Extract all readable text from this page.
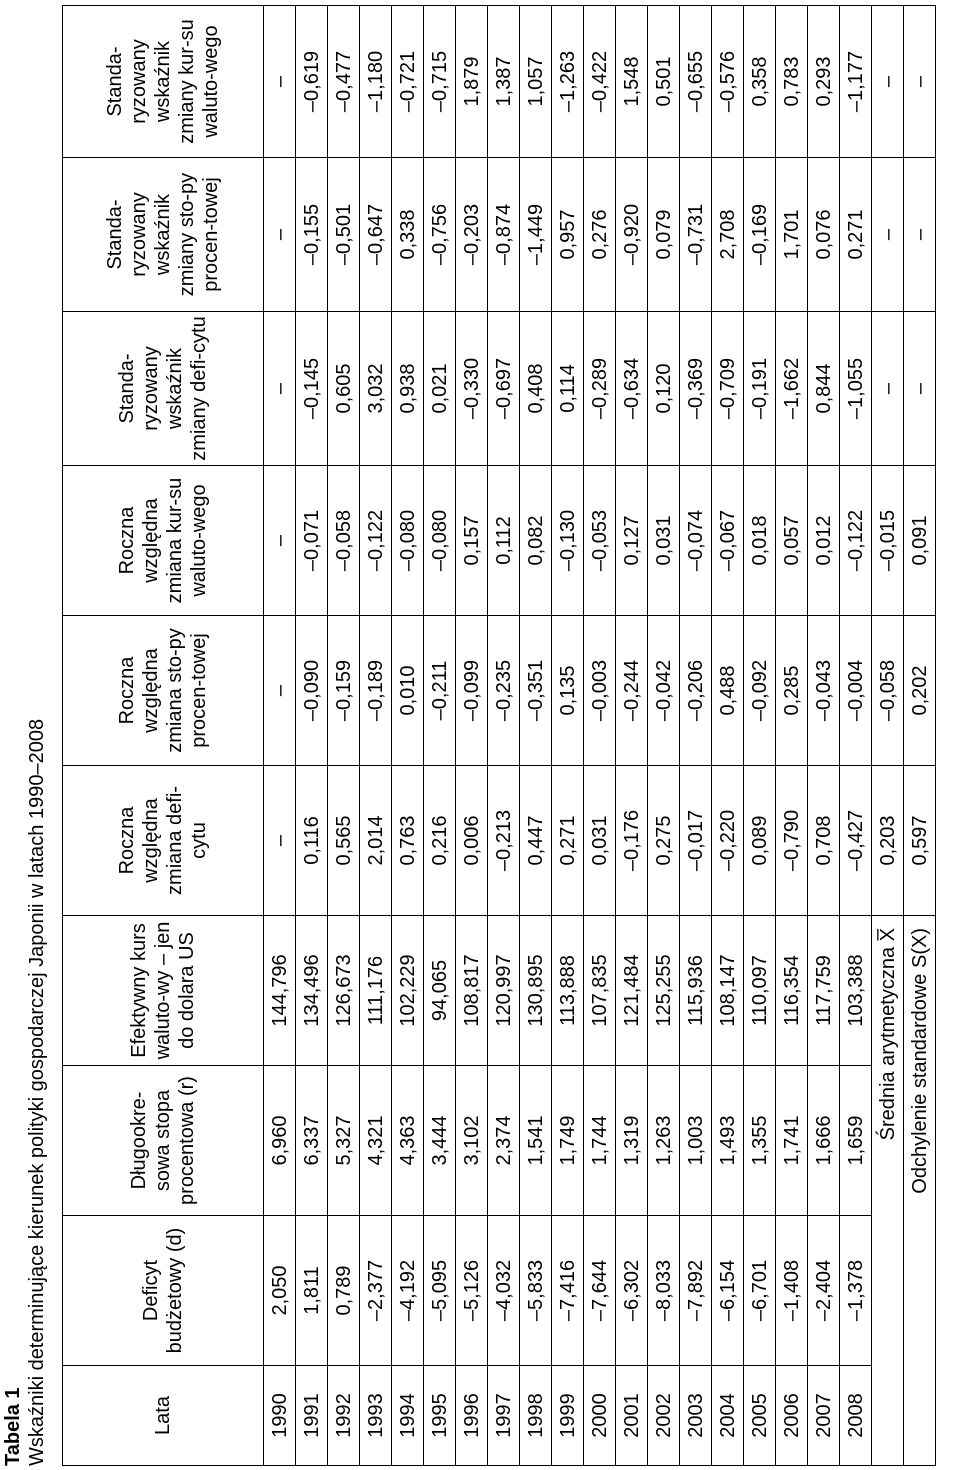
Tabela 1 Wskaźniki determinujące kierunek polityki gospodarczej Japonii w latach 1990–2008	Lata	Deficyt budżetowy (d)	Długookre-sowa stopa procentowa (r)	Efektywny kurs waluto-wy – jen do dolara US	Roczna względna zmiana defi-cytu	Roczna względna zmiana sto-py procen-towej	Roczna względna zmiana kur-su waluto-wego	Standa-ryzowany wskaźnik zmiany defi-cytu	Standa-ryzowany wskaźnik zmiany sto-py procen-towej	Standa-ryzowany wskaźnik zmiany kur-su waluto-wego
1990	2,050	6,960	144,796	–	–	–	–	–	–
1991	1,811	6,337	134,496	0,116	–0,090	–0,071	–0,145	–0,155	–0,619
1992	0,789	5,327	126,673	0,565	–0,159	–0,058	0,605	–0,501	–0,477
1993	–2,377	4,321	111,176	2,014	–0,189	–0,122	3,032	–0,647	–1,180
1994	–4,192	4,363	102,229	0,763	0,010	–0,080	0,938	0,338	–0,721
1995	–5,095	3,444	94,065	0,216	–0,211	–0,080	0,021	–0,756	–0,715
1996	–5,126	3,102	108,817	0,006	–0,099	0,157	–0,330	–0,203	1,879
1997	–4,032	2,374	120,997	–0,213	–0,235	0,112	–0,697	–0,874	1,387
1998	–5,833	1,541	130,895	0,447	–0,351	0,082	0,408	–1,449	1,057
1999	–7,416	1,749	113,888	0,271	0,135	–0,130	0,114	0,957	–1,263
2000	–7,644	1,744	107,835	0,031	–0,003	–0,053	–0,289	0,276	–0,422
2001	–6,302	1,319	121,484	–0,176	–0,244	0,127	–0,634	–0,920	1,548
2002	–8,033	1,263	125,255	0,275	–0,042	0,031	0,120	0,079	0,501
2003	–7,892	1,003	115,936	–0,017	–0,206	–0,074	–0,369	–0,731	–0,655
2004	–6,154	1,493	108,147	–0,220	0,488	–0,067	–0,709	2,708	–0,576
2005	–6,701	1,355	110,097	0,089	–0,092	0,018	–0,191	–0,169	0,358
2006	–1,408	1,741	116,354	–0,790	0,285	0,057	–1,662	1,701	0,783
2007	–2,404	1,666	117,759	0,708	–0,043	0,012	0,844	0,076	0,293
2008	–1,378	1,659	103,388	–0,427	–0,004	–0,122	–1,055	0,271	–1,177
Średnia arytmetyczna X̅				0,203	–0,058	–0,015	–	–	–
Odchylenie standardowe S(X)				0,597	0,202	0,091	–	–	–
